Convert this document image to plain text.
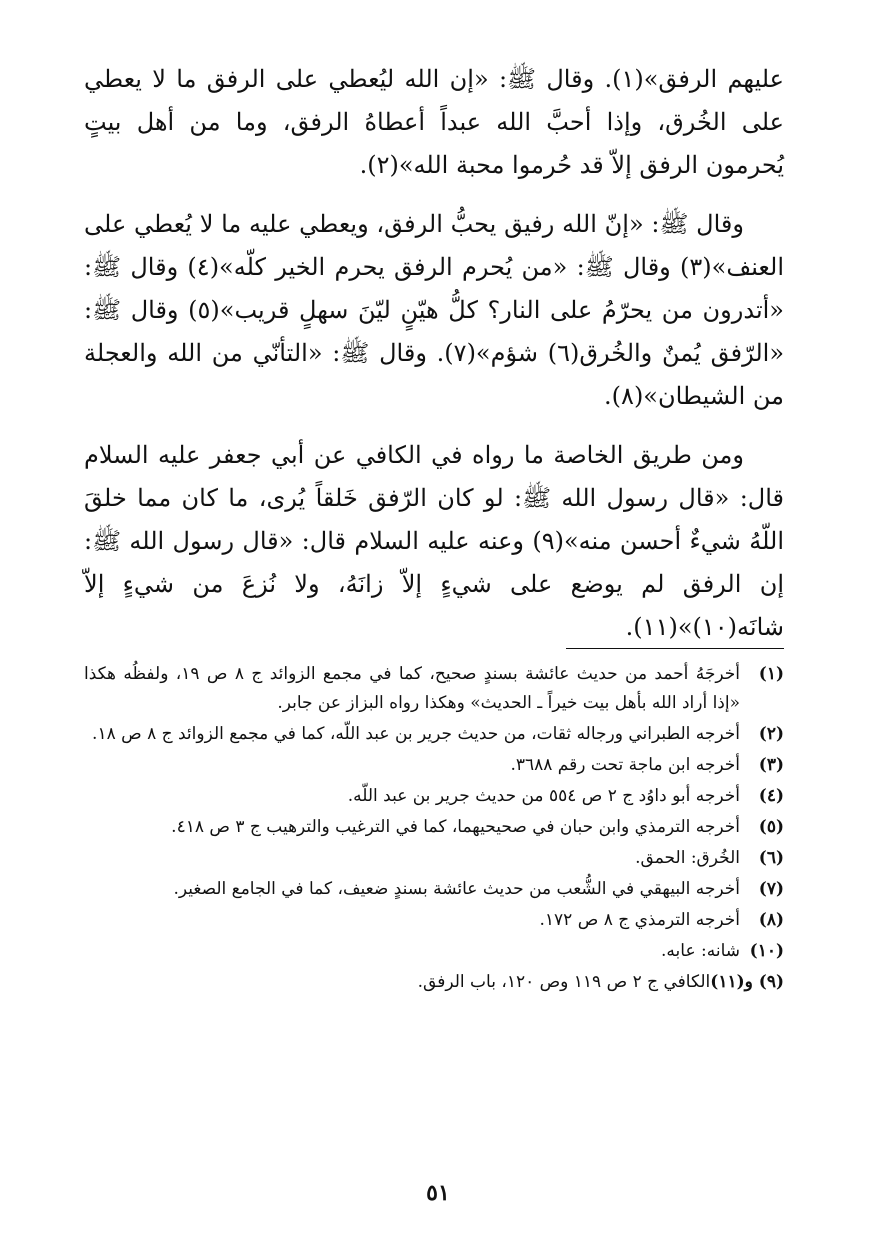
عليهم الرفق»(١). وقال ﷺ: «إن الله ليُعطي على الرفق ما لا يعطي على الخُرق، وإذا أحبَّ الله عبداً أعطاهُ الرفق، وما من أهل بيتٍ يُحرمون الرفق إلاّ قد حُرموا محبة الله»(٢).

وقال ﷺ: «إنّ الله رفيق يحبُّ الرفق، ويعطي عليه ما لا يُعطي على العنف»(٣) وقال ﷺ: «من يُحرم الرفق يحرم الخير كلّه»(٤) وقال ﷺ: «أتدرون من يحرّمُ على النار؟ كلُّ هيّنٍ ليّنَ سهلٍ قريب»(٥) وقال ﷺ: «الرّفق يُمنٌ والخُرق(٦) شؤم»(٧). وقال ﷺ: «التأنّي من الله والعجلة من الشيطان»(٨).

ومن طريق الخاصة ما رواه في الكافي عن أبي جعفر عليه السلام قال: «قال رسول الله ﷺ: لو كان الرّفق خَلقاً يُرى، ما كان مما خلقَ اللّهُ شيءٌ أحسن منه»(٩) وعنه عليه السلام قال: «قال رسول الله ﷺ: إن الرفق لم يوضع على شيءٍ إلاّ زانَهُ، ولا نُزعَ من شيءٍ إلاّ شانَه(١٠)»(١١).

(١)
أخرجَهُ أحمد من حديث عائشة بسندٍ صحيح، كما في مجمع الزوائد ج ٨ ص ١٩، ولفظُه هكذا «إذا أراد الله بأهل بيت خيراً ـ الحديث» وهكذا رواه البزاز عن جابر.
(٢)
أخرجه الطبراني ورجاله ثقات، من حديث جرير بن عبد اللّه، كما في مجمع الزوائد ج ٨ ص ١٨.
(٣)
أخرجه ابن ماجة تحت رقم ٣٦٨٨.
(٤)
أخرجه أبو داوُد ج ٢ ص ٥٥٤ من حديث جرير بن عبد اللّه.
(٥)
أخرجه الترمذي وابن حبان في صحيحيهما، كما في الترغيب والترهيب ج ٣ ص ٤١٨.
(٦)
الخُرق: الحمق.
(٧)
أخرجه البيهقي في الشُّعب من حديث عائشة بسندٍ ضعيف، كما في الجامع الصغير.
(٨)
أخرجه الترمذي ج ٨ ص ١٧٢.
(١٠)
شانه: عابه.
(٩) و(١١)
الكافي ج ٢ ص ١١٩ وص ١٢٠، باب الرفق.
٥١
